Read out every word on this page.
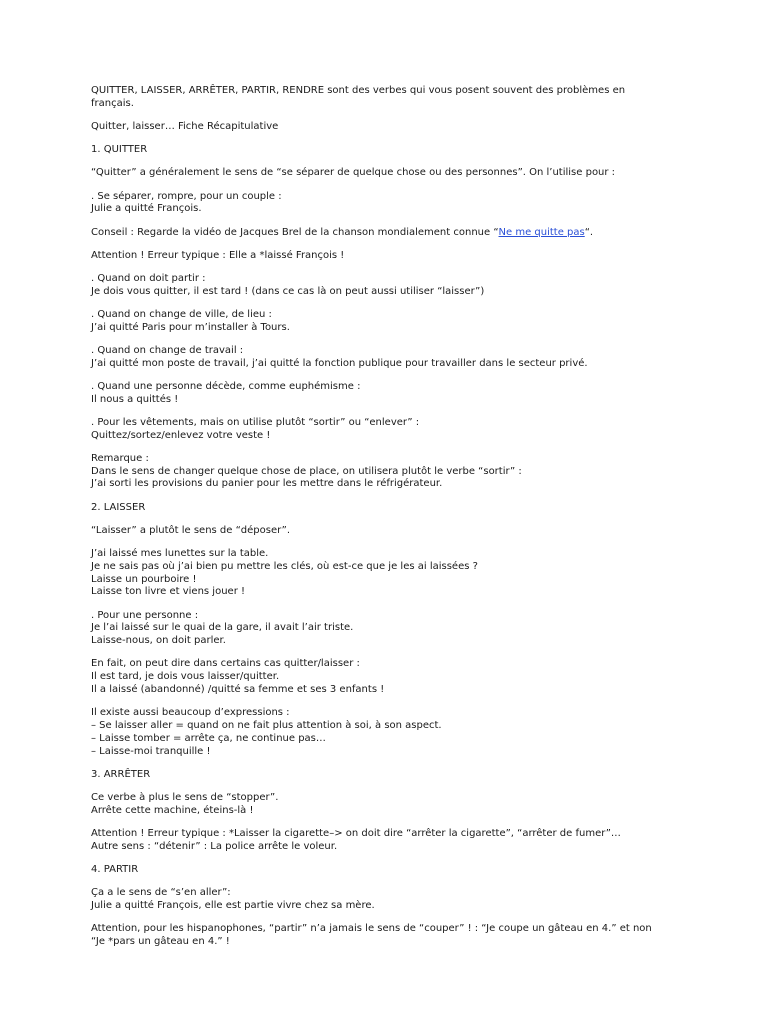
QUITTER, LAISSER, ARRÊTER, PARTIR, RENDRE sont des verbes qui vous posent souvent des problèmes en
français.
Quitter, laisser… Fiche Récapitulative
1. QUITTER
“Quitter” a généralement le sens de “se séparer de quelque chose ou des personnes”. On l’utilise pour :
. Se séparer, rompre, pour un couple :
Julie a quitté François.
Conseil : Regarde la vidéo de Jacques Brel de la chanson mondialement connue “Ne me quitte pas“.
Attention ! Erreur typique : Elle a *laissé François !
. Quand on doit partir :
Je dois vous quitter, il est tard ! (dans ce cas là on peut aussi utiliser “laisser”)
. Quand on change de ville, de lieu :
J’ai quitté Paris pour m’installer à Tours.
. Quand on change de travail :
J’ai quitté mon poste de travail, j’ai quitté la fonction publique pour travailler dans le secteur privé.
. Quand une personne décède, comme euphémisme :
Il nous a quittés !
. Pour les vêtements, mais on utilise plutôt “sortir” ou “enlever” :
Quittez/sortez/enlevez votre veste !
Remarque :
Dans le sens de changer quelque chose de place, on utilisera plutôt le verbe “sortir” :
J’ai sorti les provisions du panier pour les mettre dans le réfrigérateur.
2. LAISSER
“Laisser” a plutôt le sens de “déposer”.
J’ai laissé mes lunettes sur la table.
Je ne sais pas où j’ai bien pu mettre les clés, où est-ce que je les ai laissées ?
Laisse un pourboire !
Laisse ton livre et viens jouer !
. Pour une personne :
Je l’ai laissé sur le quai de la gare, il avait l’air triste.
Laisse-nous, on doit parler.
En fait, on peut dire dans certains cas quitter/laisser :
Il est tard, je dois vous laisser/quitter.
Il a laissé (abandonné) /quitté sa femme et ses 3 enfants !
Il existe aussi beaucoup d’expressions :
– Se laisser aller = quand on ne fait plus attention à soi, à son aspect.
– Laisse tomber = arrête ça, ne continue pas…
– Laisse-moi tranquille !
3. ARRÊTER
Ce verbe à plus le sens de “stopper”.
Arrête cette machine, éteins-là !
Attention ! Erreur typique : *Laisser la cigarette–> on doit dire “arrêter la cigarette”, “arrêter de fumer”…
Autre sens : “détenir” : La police arrête le voleur.
4. PARTIR
Ça a le sens de “s’en aller”:
Julie a quitté François, elle est partie vivre chez sa mère.
Attention, pour les hispanophones, “partir” n’a jamais le sens de “couper” ! : “Je coupe un gâteau en 4.” et non
“Je *pars un gâteau en 4.” !
